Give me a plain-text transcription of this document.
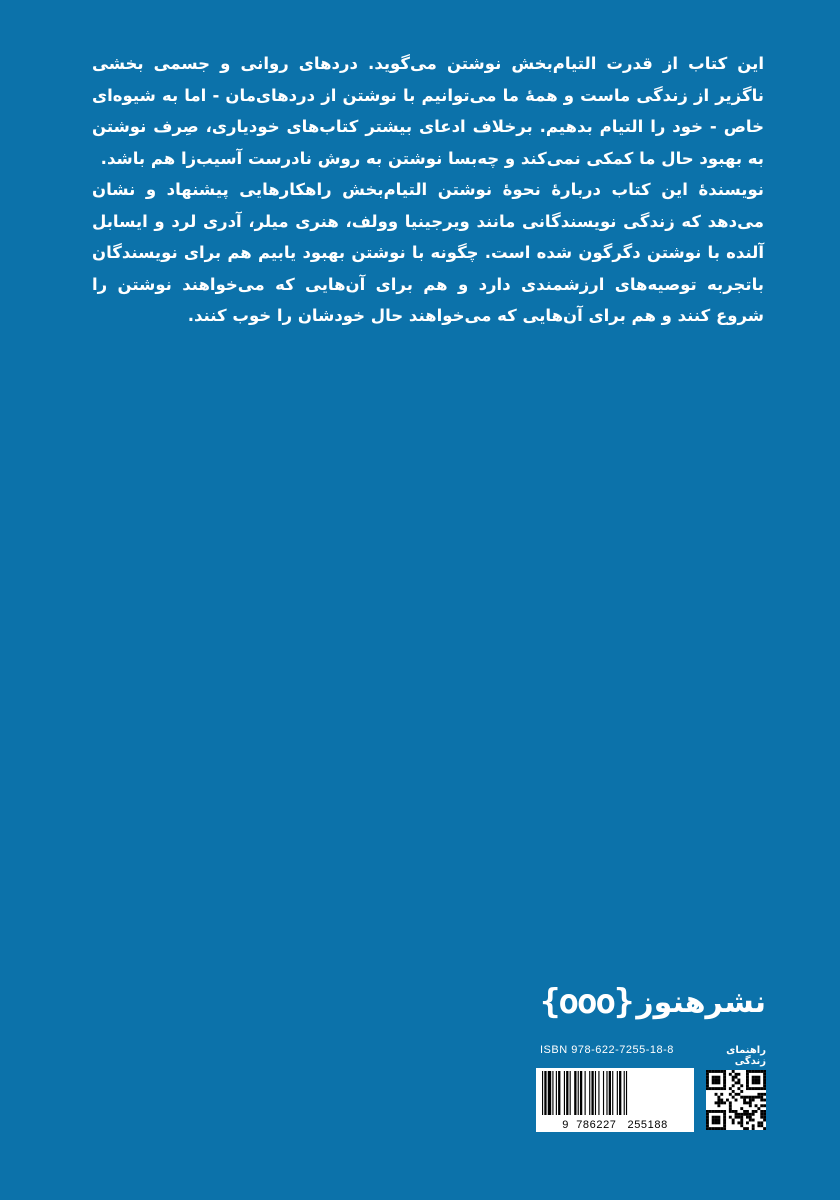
این کتاب از قدرت التیام‌بخش نوشتن می‌گوید. دردهای روانی و جسمی بخشی ناگزیر از زندگی ماست و همهٔ ما می‌توانیم با نوشتن از دردهای‌مان - اما به شیوه‌ای خاص - خود را التیام بدهیم. برخلاف ادعای بیشتر کتاب‌های خودیاری، صِرف نوشتن به بهبود حال ما کمکی نمی‌کند و چه‌بسا نوشتن به روش نادرست آسیب‌زا هم باشد.

نویسندهٔ این کتاب دربارهٔ نحوهٔ نوشتن التیام‌بخش راهکارهایی پیشنهاد و نشان می‌دهد که زندگی نویسندگانی مانند ویرجینیا وولف، هنری میلر، آدری لرد و ایسابل آلنده با نوشتن دگرگون شده است. چگونه با نوشتن بهبود یابیم هم برای نویسندگان باتجربه توصیه‌های ارزشمندی دارد و هم برای آن‌هایی که می‌خواهند نوشتن را شروع کنند و هم برای آن‌هایی که می‌خواهند حال خودشان را خوب کنند.

نشرهنوز
{ooo}
راهنمای زندگی
ISBN 978-622-7255-18-8
9  786227   255188
